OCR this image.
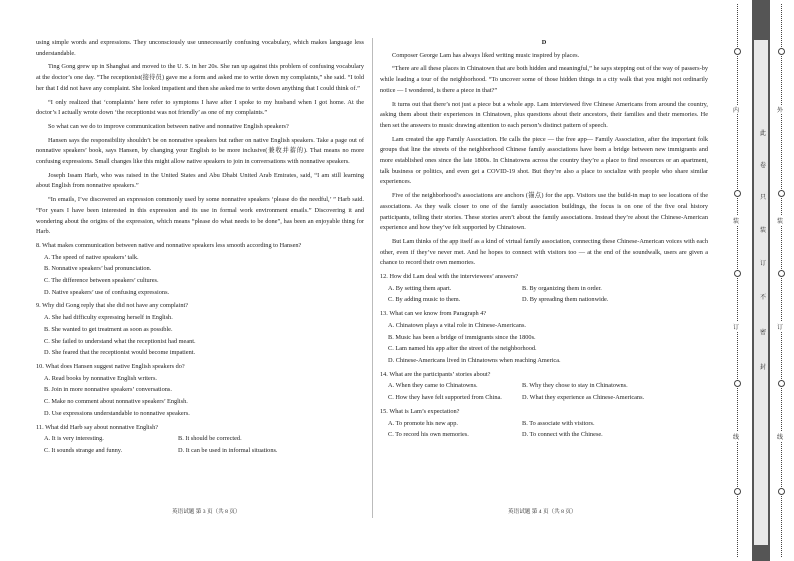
using simple words and expressions. They unconsciously use unnecessarily confusing vocabulary, which makes language less understandable.

Ting Gong grew up in Shanghai and moved to the U. S. in her 20s. She ran up against this problem of confusing vocabulary at the doctor’s one day. “The receptionist(接待员) gave me a form and asked me to write down my complaints,” she said. “I told her that I did not have any complaint. She looked impatient and then she asked me to write down anything that I could think of.”

“I only realized that ‘complaints’ here refer to symptoms I have after I spoke to my husband when I got home. At the doctor’s I actually wrote down ‘the receptionist was not friendly’ as one of my complaints.”

So what can we do to improve communication between native and nonnative English speakers?

Hansen says the responsibility shouldn’t be on nonnative speakers but rather on native English speakers. Take a page out of nonnative speakers’ book, says Hansen, by changing your English to be more inclusive(兼收并蓄的). That means no more confusing expressions. Small changes like this might allow native speakers to join in conversations with nonnative speakers.

Joseph Issam Harb, who was raised in the United States and Abu Dhabi United Arab Emirates, said, “I am still learning about English from nonnative speakers.”

“In emails, I’ve discovered an expression commonly used by some nonnative speakers ‘please do the needful,’ ” Harb said. “For years I have been interested in this expression and its use in formal work environment emails.” Discovering it and wondering about the origins of the expression, which means “please do what needs to be done”, has been an enjoyable thing for Harb.

8. What makes communication between native and nonnative speakers less smooth according to Hansen?
A. The speed of native speakers’ talk.
B. Nonnative speakers’ bad pronunciation.
C. The difference between speakers’ cultures.
D. Native speakers’ use of confusing expressions.
9. Why did Gong reply that she did not have any complaint?
A. She had difficulty expressing herself in English.
B. She wanted to get treatment as soon as possible.
C. She failed to understand what the receptionist had meant.
D. She feared that the receptionist would become impatient.
10. What does Hansen suggest native English speakers do?
A. Read books by nonnative English writers.
B. Join in more nonnative speakers’ conversations.
C. Make no comment about nonnative speakers’ English.
D. Use expressions understandable to nonnative speakers.
11. What did Harb say about nonnative English?
A. It is very interesting.	B. It should be corrected.
C. It sounds strange and funny.	D. It can be used in informal situations.
英语试题 第 3 页（共 8 页）
D

Composer George Lam has always liked writing music inspired by places.

“There are all these places in Chinatown that are both hidden and meaningful,” he says stepping out of the way of passers-by while leading a tour of the neighborhood. “To uncover some of those hidden things in a city walk that you might not ordinarily notice — I wondered, is there a piece in that?”

It turns out that there’s not just a piece but a whole app. Lam interviewed five Chinese Americans from around the country, asking them about their experiences in Chinatown, plus questions about their ancestors, their families and their memories. He then set the answers to music drawing attention to each person’s distinct pattern of speech.

Lam created the app Family Association. He calls the piece — the free app— Family Association, after the important folk groups that line the streets of the neighborhood Chinese family associations have been a bridge between new immigrants and more established ones since the late 1800s. In Chinatowns across the country they’re a place to find resources or an apartment, talk business or politics, and even get a COVID-19 shot. But they’re also a place to socialize with people who share similar experiences.

Five of the neighborhood’s associations are anchors (锚点) for the app. Visitors use the build-in map to see locations of the associations. As they walk closer to one of the family association buildings, the focus is on one of the five oral history participants, telling their stories. These stories aren’t about the family associations. Instead they’re about the Chinese-American experience and how they’ve felt supported by Chinatown.

But Lam thinks of the app itself as a kind of virtual family association, connecting these Chinese-American voices with each other, even if they’ve never met. And he hopes to connect with visitors too — at the end of the soundwalk, users are given a chance to record their own memories.

12. How did Lam deal with the interviewees’ answers?
A. By setting them apart.	B. By organizing them in order.
C. By adding music to them.	D. By spreading them nationwide.
13. What can we know from Paragraph 4?
A. Chinatown plays a vital role in Chinese-Americans.
B. Music has been a bridge of immigrants since the 1800s.
C. Lam named his app after the street of the neighborhood.
D. Chinese-Americans lived in Chinatowns when reaching America.
14. What are the participants’ stories about?
A. When they came to Chinatowns.	B. Why they chose to stay in Chinatowns.
C. How they have felt supported from China.	D. What they experience as Chinese-Americans.
15. What is Lam’s expectation?
A. To promote his new app.	B. To associate with visitors.
C. To record his own memories.	D. To connect with the Chinese.
英语试题 第 4 页（共 8 页）
内
装
订
线
外
装
订
线
此
卷
只
装
订
不
密
封
